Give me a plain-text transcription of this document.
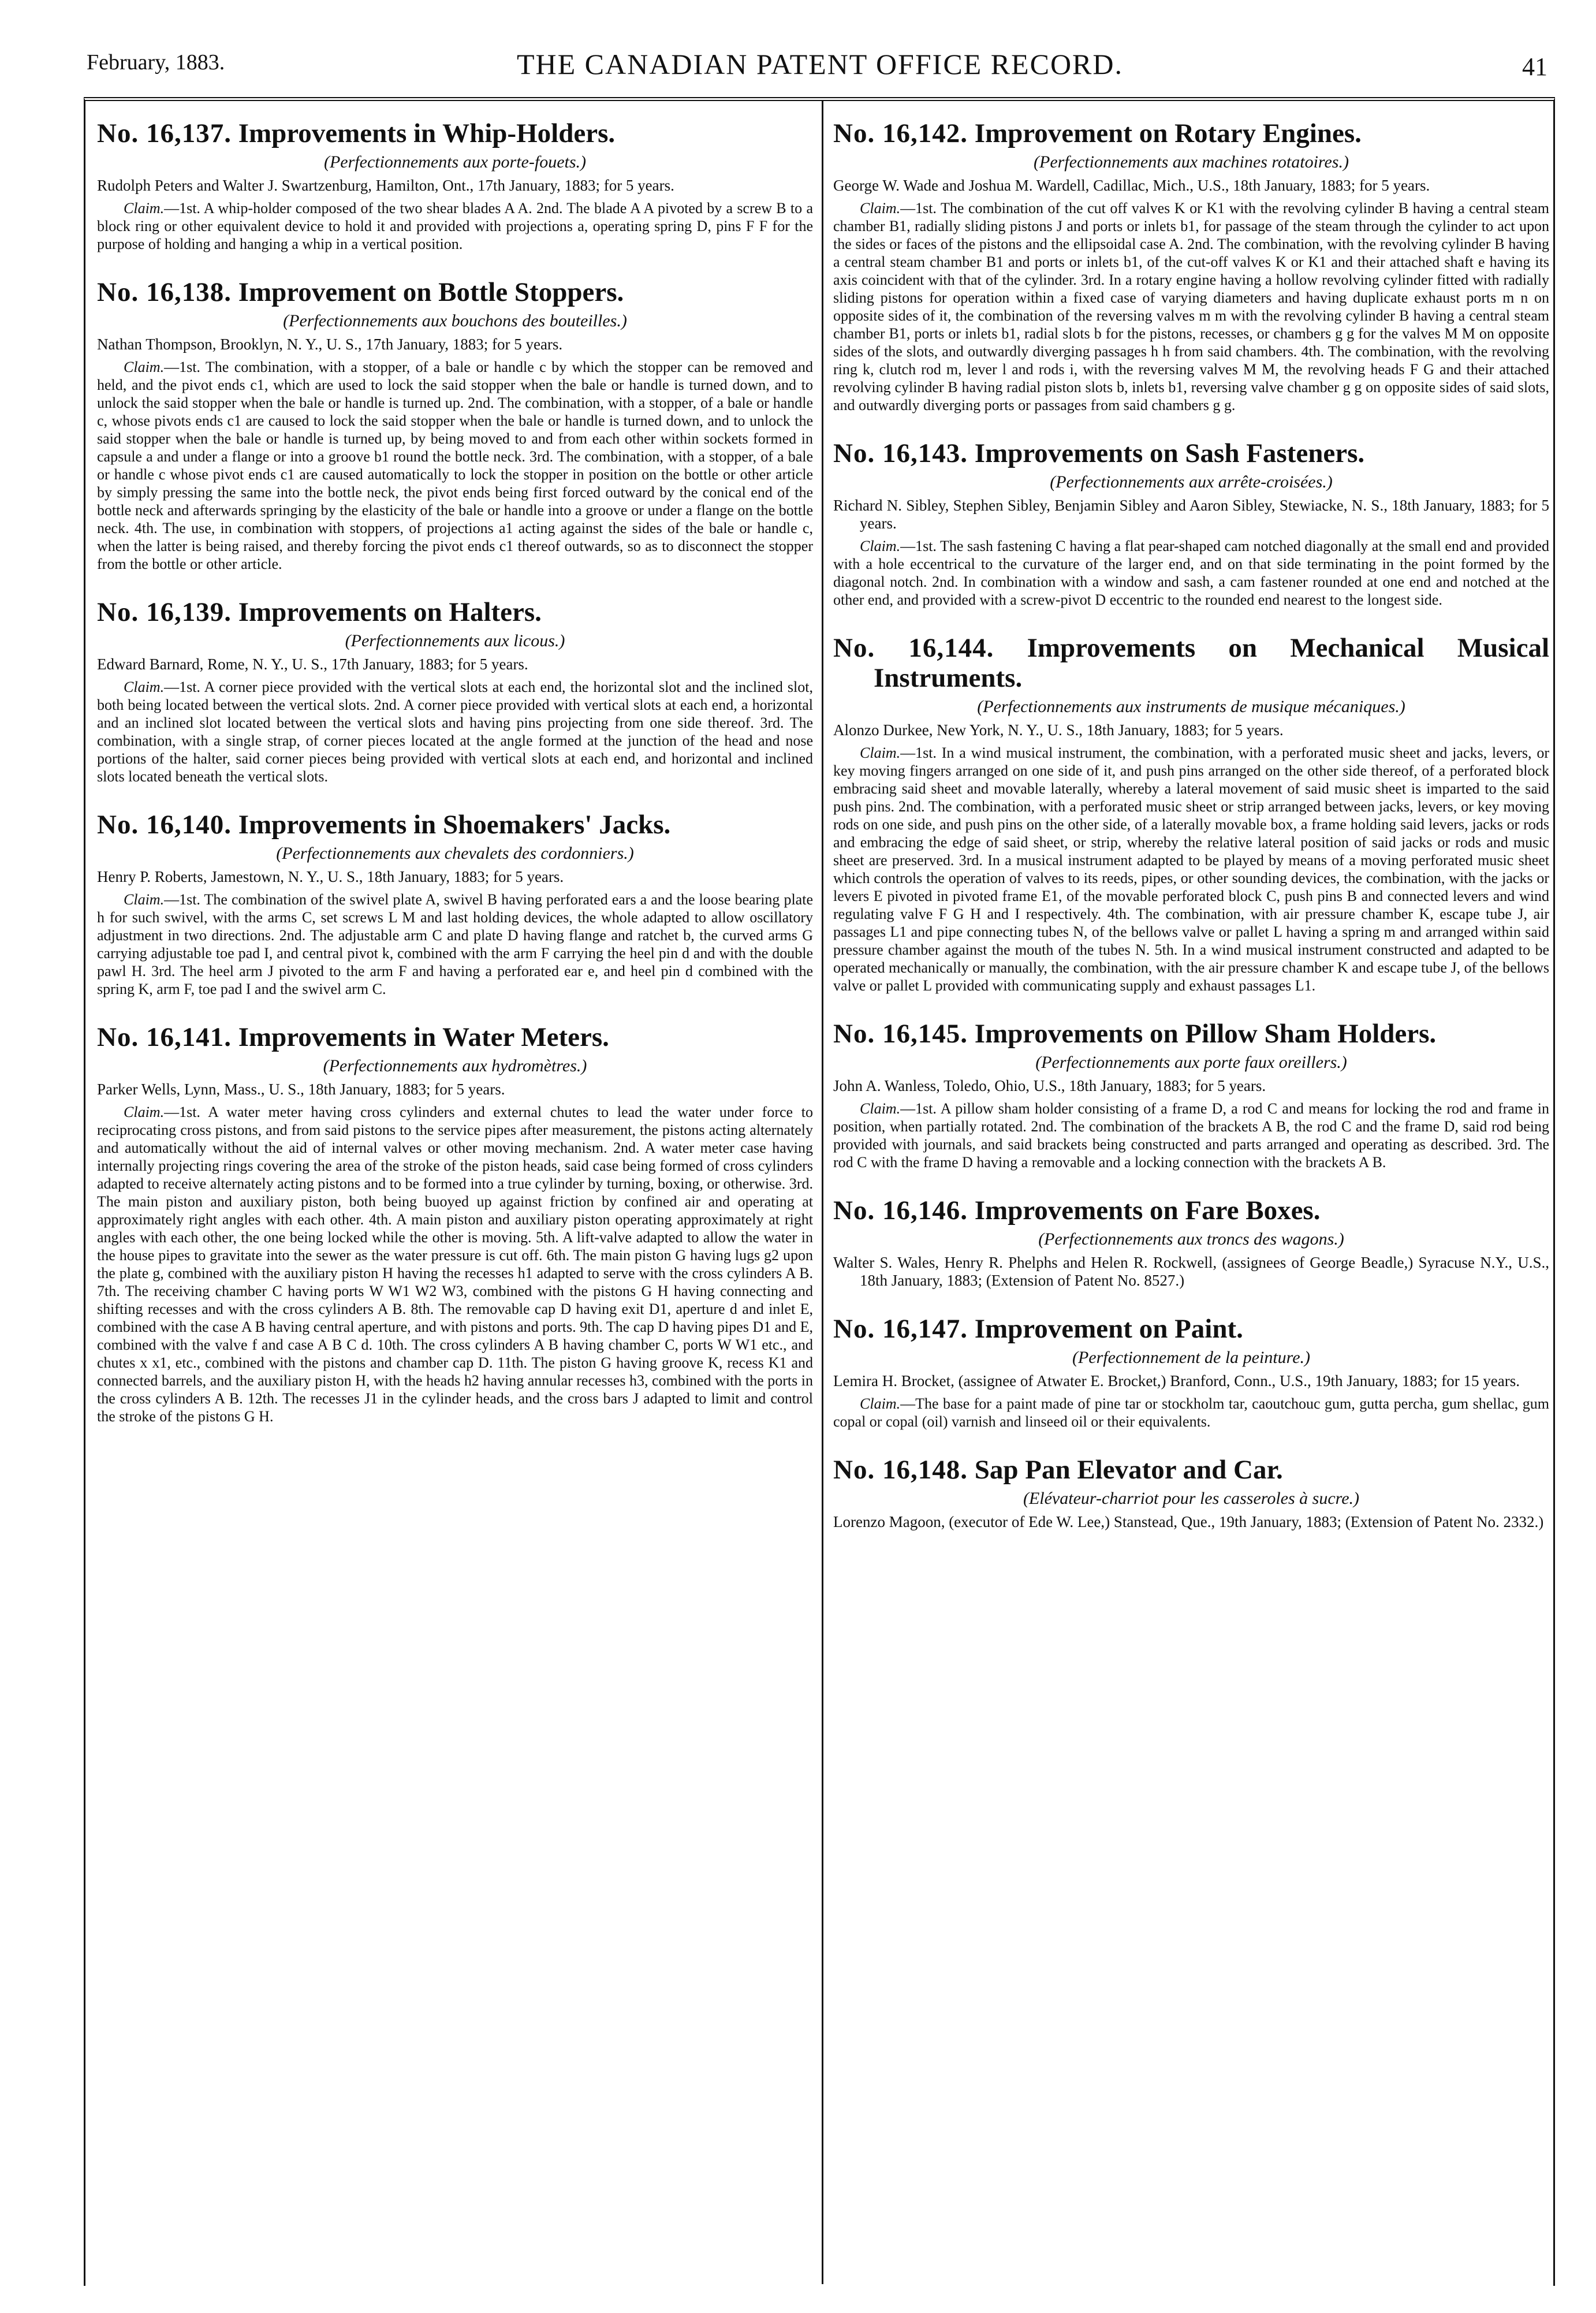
February, 1883.	THE CANADIAN PATENT OFFICE RECORD.	41
No. 16,137. Improvements in Whip-Holders.
(Perfectionnements aux porte-fouets.)
Rudolph Peters and Walter J. Swartzenburg, Hamilton, Ont., 17th January, 1883; for 5 years.

Claim.—1st. A whip-holder composed of the two shear blades A A. 2nd. The blade A A pivoted by a screw B to a block ring or other equivalent device to hold it and provided with projections a, operating spring D, pins F F for the purpose of holding and hanging a whip in a vertical position.

No. 16,138. Improvement on Bottle Stoppers.
(Perfectionnements aux bouchons des bouteilles.)
Nathan Thompson, Brooklyn, N. Y., U. S., 17th January, 1883; for 5 years.

Claim.—1st. The combination, with a stopper, of a bale or handle c by which the stopper can be removed and held, and the pivot ends c1, which are used to lock the said stopper when the bale or handle is turned down, and to unlock the said stopper when the bale or handle is turned up. 2nd. The combination, with a stopper, of a bale or handle c, whose pivots ends c1 are caused to lock the said stopper when the bale or handle is turned down, and to unlock the said stopper when the bale or handle is turned up, by being moved to and from each other within sockets formed in capsule a and under a flange or into a groove b1 round the bottle neck. 3rd. The combination, with a stopper, of a bale or handle c whose pivot ends c1 are caused automatically to lock the stopper in position on the bottle or other article by simply pressing the same into the bottle neck, the pivot ends being first forced outward by the conical end of the bottle neck and afterwards springing by the elasticity of the bale or handle into a groove or under a flange on the bottle neck. 4th. The use, in combination with stoppers, of projections a1 acting against the sides of the bale or handle c, when the latter is being raised, and thereby forcing the pivot ends c1 thereof outwards, so as to disconnect the stopper from the bottle or other article.

No. 16,139. Improvements on Halters.
(Perfectionnements aux licous.)
Edward Barnard, Rome, N. Y., U. S., 17th January, 1883; for 5 years.

Claim.—1st. A corner piece provided with the vertical slots at each end, the horizontal slot and the inclined slot, both being located between the vertical slots. 2nd. A corner piece provided with vertical slots at each end, a horizontal and an inclined slot located between the vertical slots and having pins projecting from one side thereof. 3rd. The combination, with a single strap, of corner pieces located at the angle formed at the junction of the head and nose portions of the halter, said corner pieces being provided with vertical slots at each end, and horizontal and inclined slots located beneath the vertical slots.

No. 16,140. Improvements in Shoemakers' Jacks.
(Perfectionnements aux chevalets des cordonniers.)
Henry P. Roberts, Jamestown, N. Y., U. S., 18th January, 1883; for 5 years.

Claim.—1st. The combination of the swivel plate A, swivel B having perforated ears a and the loose bearing plate h for such swivel, with the arms C, set screws L M and last holding devices, the whole adapted to allow oscillatory adjustment in two directions. 2nd. The adjustable arm C and plate D having flange and ratchet b, the curved arms G carrying adjustable toe pad I, and central pivot k, combined with the arm F carrying the heel pin d and with the double pawl H. 3rd. The heel arm J pivoted to the arm F and having a perforated ear e, and heel pin d combined with the spring K, arm F, toe pad I and the swivel arm C.

No. 16,141. Improvements in Water Meters.
(Perfectionnements aux hydromètres.)
Parker Wells, Lynn, Mass., U. S., 18th January, 1883; for 5 years.

Claim.—1st. A water meter having cross cylinders and external chutes to lead the water under force to reciprocating cross pistons, and from said pistons to the service pipes after measurement, the pistons acting alternately and automatically without the aid of internal valves or other moving mechanism. 2nd. A water meter case having internally projecting rings covering the area of the stroke of the piston heads, said case being formed of cross cylinders adapted to receive alternately acting pistons and to be formed into a true cylinder by turning, boxing, or otherwise. 3rd. The main piston and auxiliary piston, both being buoyed up against friction by confined air and operating at approximately right angles with each other. 4th. A main piston and auxiliary piston operating approximately at right angles with each other, the one being locked while the other is moving. 5th. A lift-valve adapted to allow the water in the house pipes to gravitate into the sewer as the water pressure is cut off. 6th. The main piston G having lugs g2 upon the plate g, combined with the auxiliary piston H having the recesses h1 adapted to serve with the cross cylinders A B. 7th. The receiving chamber C having ports W W1 W2 W3, combined with the pistons G H having connecting and shifting recesses and with the cross cylinders A B. 8th. The removable cap D having exit D1, aperture d and inlet E, combined with the case A B having central aperture, and with pistons and ports. 9th. The cap D having pipes D1 and E, combined with the valve f and case A B C d. 10th. The cross cylinders A B having chamber C, ports W W1 etc., and chutes x x1, etc., combined with the pistons and chamber cap D. 11th. The piston G having groove K, recess K1 and connected barrels, and the auxiliary piston H, with the heads h2 having annular recesses h3, combined with the ports in the cross cylinders A B. 12th. The recesses J1 in the cylinder heads, and the cross bars J adapted to limit and control the stroke of the pistons G H.

No. 16,142. Improvement on Rotary Engines.
(Perfectionnements aux machines rotatoires.)
George W. Wade and Joshua M. Wardell, Cadillac, Mich., U.S., 18th January, 1883; for 5 years.

Claim.—1st. The combination of the cut off valves K or K1 with the revolving cylinder B having a central steam chamber B1, radially sliding pistons J and ports or inlets b1, for passage of the steam through the cylinder to act upon the sides or faces of the pistons and the ellipsoidal case A. 2nd. The combination, with the revolving cylinder B having a central steam chamber B1 and ports or inlets b1, of the cut-off valves K or K1 and their attached shaft e having its axis coincident with that of the cylinder. 3rd. In a rotary engine having a hollow revolving cylinder fitted with radially sliding pistons for operation within a fixed case of varying diameters and having duplicate exhaust ports m n on opposite sides of it, the combination of the reversing valves m m with the revolving cylinder B having a central steam chamber B1, ports or inlets b1, radial slots b for the pistons, recesses, or chambers g g for the valves M M on opposite sides of the slots, and outwardly diverging passages h h from said chambers. 4th. The combination, with the revolving ring k, clutch rod m, lever l and rods i, with the reversing valves M M, the revolving heads F G and their attached revolving cylinder B having radial piston slots b, inlets b1, reversing valve chamber g g on opposite sides of said slots, and outwardly diverging ports or passages from said chambers g g.

No. 16,143. Improvements on Sash Fasteners.
(Perfectionnements aux arrête-croisées.)
Richard N. Sibley, Stephen Sibley, Benjamin Sibley and Aaron Sibley, Stewiacke, N. S., 18th January, 1883; for 5 years.

Claim.—1st. The sash fastening C having a flat pear-shaped cam notched diagonally at the small end and provided with a hole eccentrical to the curvature of the larger end, and on that side terminating in the point formed by the diagonal notch. 2nd. In combination with a window and sash, a cam fastener rounded at one end and notched at the other end, and provided with a screw-pivot D eccentric to the rounded end nearest to the longest side.

No. 16,144. Improvements on Mechanical Musical Instruments.
(Perfectionnements aux instruments de musique mécaniques.)
Alonzo Durkee, New York, N. Y., U. S., 18th January, 1883; for 5 years.

Claim.—1st. In a wind musical instrument, the combination, with a perforated music sheet and jacks, levers, or key moving fingers arranged on one side of it, and push pins arranged on the other side thereof, of a perforated block embracing said sheet and movable laterally, whereby a lateral movement of said music sheet is imparted to the said push pins. 2nd. The combination, with a perforated music sheet or strip arranged between jacks, levers, or key moving rods on one side, and push pins on the other side, of a laterally movable box, a frame holding said levers, jacks or rods and embracing the edge of said sheet, or strip, whereby the relative lateral position of said jacks or rods and music sheet are preserved. 3rd. In a musical instrument adapted to be played by means of a moving perforated music sheet which controls the operation of valves to its reeds, pipes, or other sounding devices, the combination, with the jacks or levers E pivoted in pivoted frame E1, of the movable perforated block C, push pins B and connected levers and wind regulating valve F G H and I respectively. 4th. The combination, with air pressure chamber K, escape tube J, air passages L1 and pipe connecting tubes N, of the bellows valve or pallet L having a spring m and arranged within said pressure chamber against the mouth of the tubes N. 5th. In a wind musical instrument constructed and adapted to be operated mechanically or manually, the combination, with the air pressure chamber K and escape tube J, of the bellows valve or pallet L provided with communicating supply and exhaust passages L1.

No. 16,145. Improvements on Pillow Sham Holders.
(Perfectionnements aux porte faux oreillers.)
John A. Wanless, Toledo, Ohio, U.S., 18th January, 1883; for 5 years.

Claim.—1st. A pillow sham holder consisting of a frame D, a rod C and means for locking the rod and frame in position, when partially rotated. 2nd. The combination of the brackets A B, the rod C and the frame D, said rod being provided with journals, and said brackets being constructed and parts arranged and operating as described. 3rd. The rod C with the frame D having a removable and a locking connection with the brackets A B.

No. 16,146. Improvements on Fare Boxes.
(Perfectionnements aux troncs des wagons.)
Walter S. Wales, Henry R. Phelphs and Helen R. Rockwell, (assignees of George Beadle,) Syracuse N.Y., U.S., 18th January, 1883; (Extension of Patent No. 8527.)
No. 16,147. Improvement on Paint.
(Perfectionnement de la peinture.)
Lemira H. Brocket, (assignee of Atwater E. Brocket,) Branford, Conn., U.S., 19th January, 1883; for 15 years.

Claim.—The base for a paint made of pine tar or stockholm tar, caoutchouc gum, gutta percha, gum shellac, gum copal or copal (oil) varnish and linseed oil or their equivalents.

No. 16,148. Sap Pan Elevator and Car.
(Elévateur-charriot pour les casseroles à sucre.)
Lorenzo Magoon, (executor of Ede W. Lee,) Stanstead, Que., 19th January, 1883; (Extension of Patent No. 2332.)
